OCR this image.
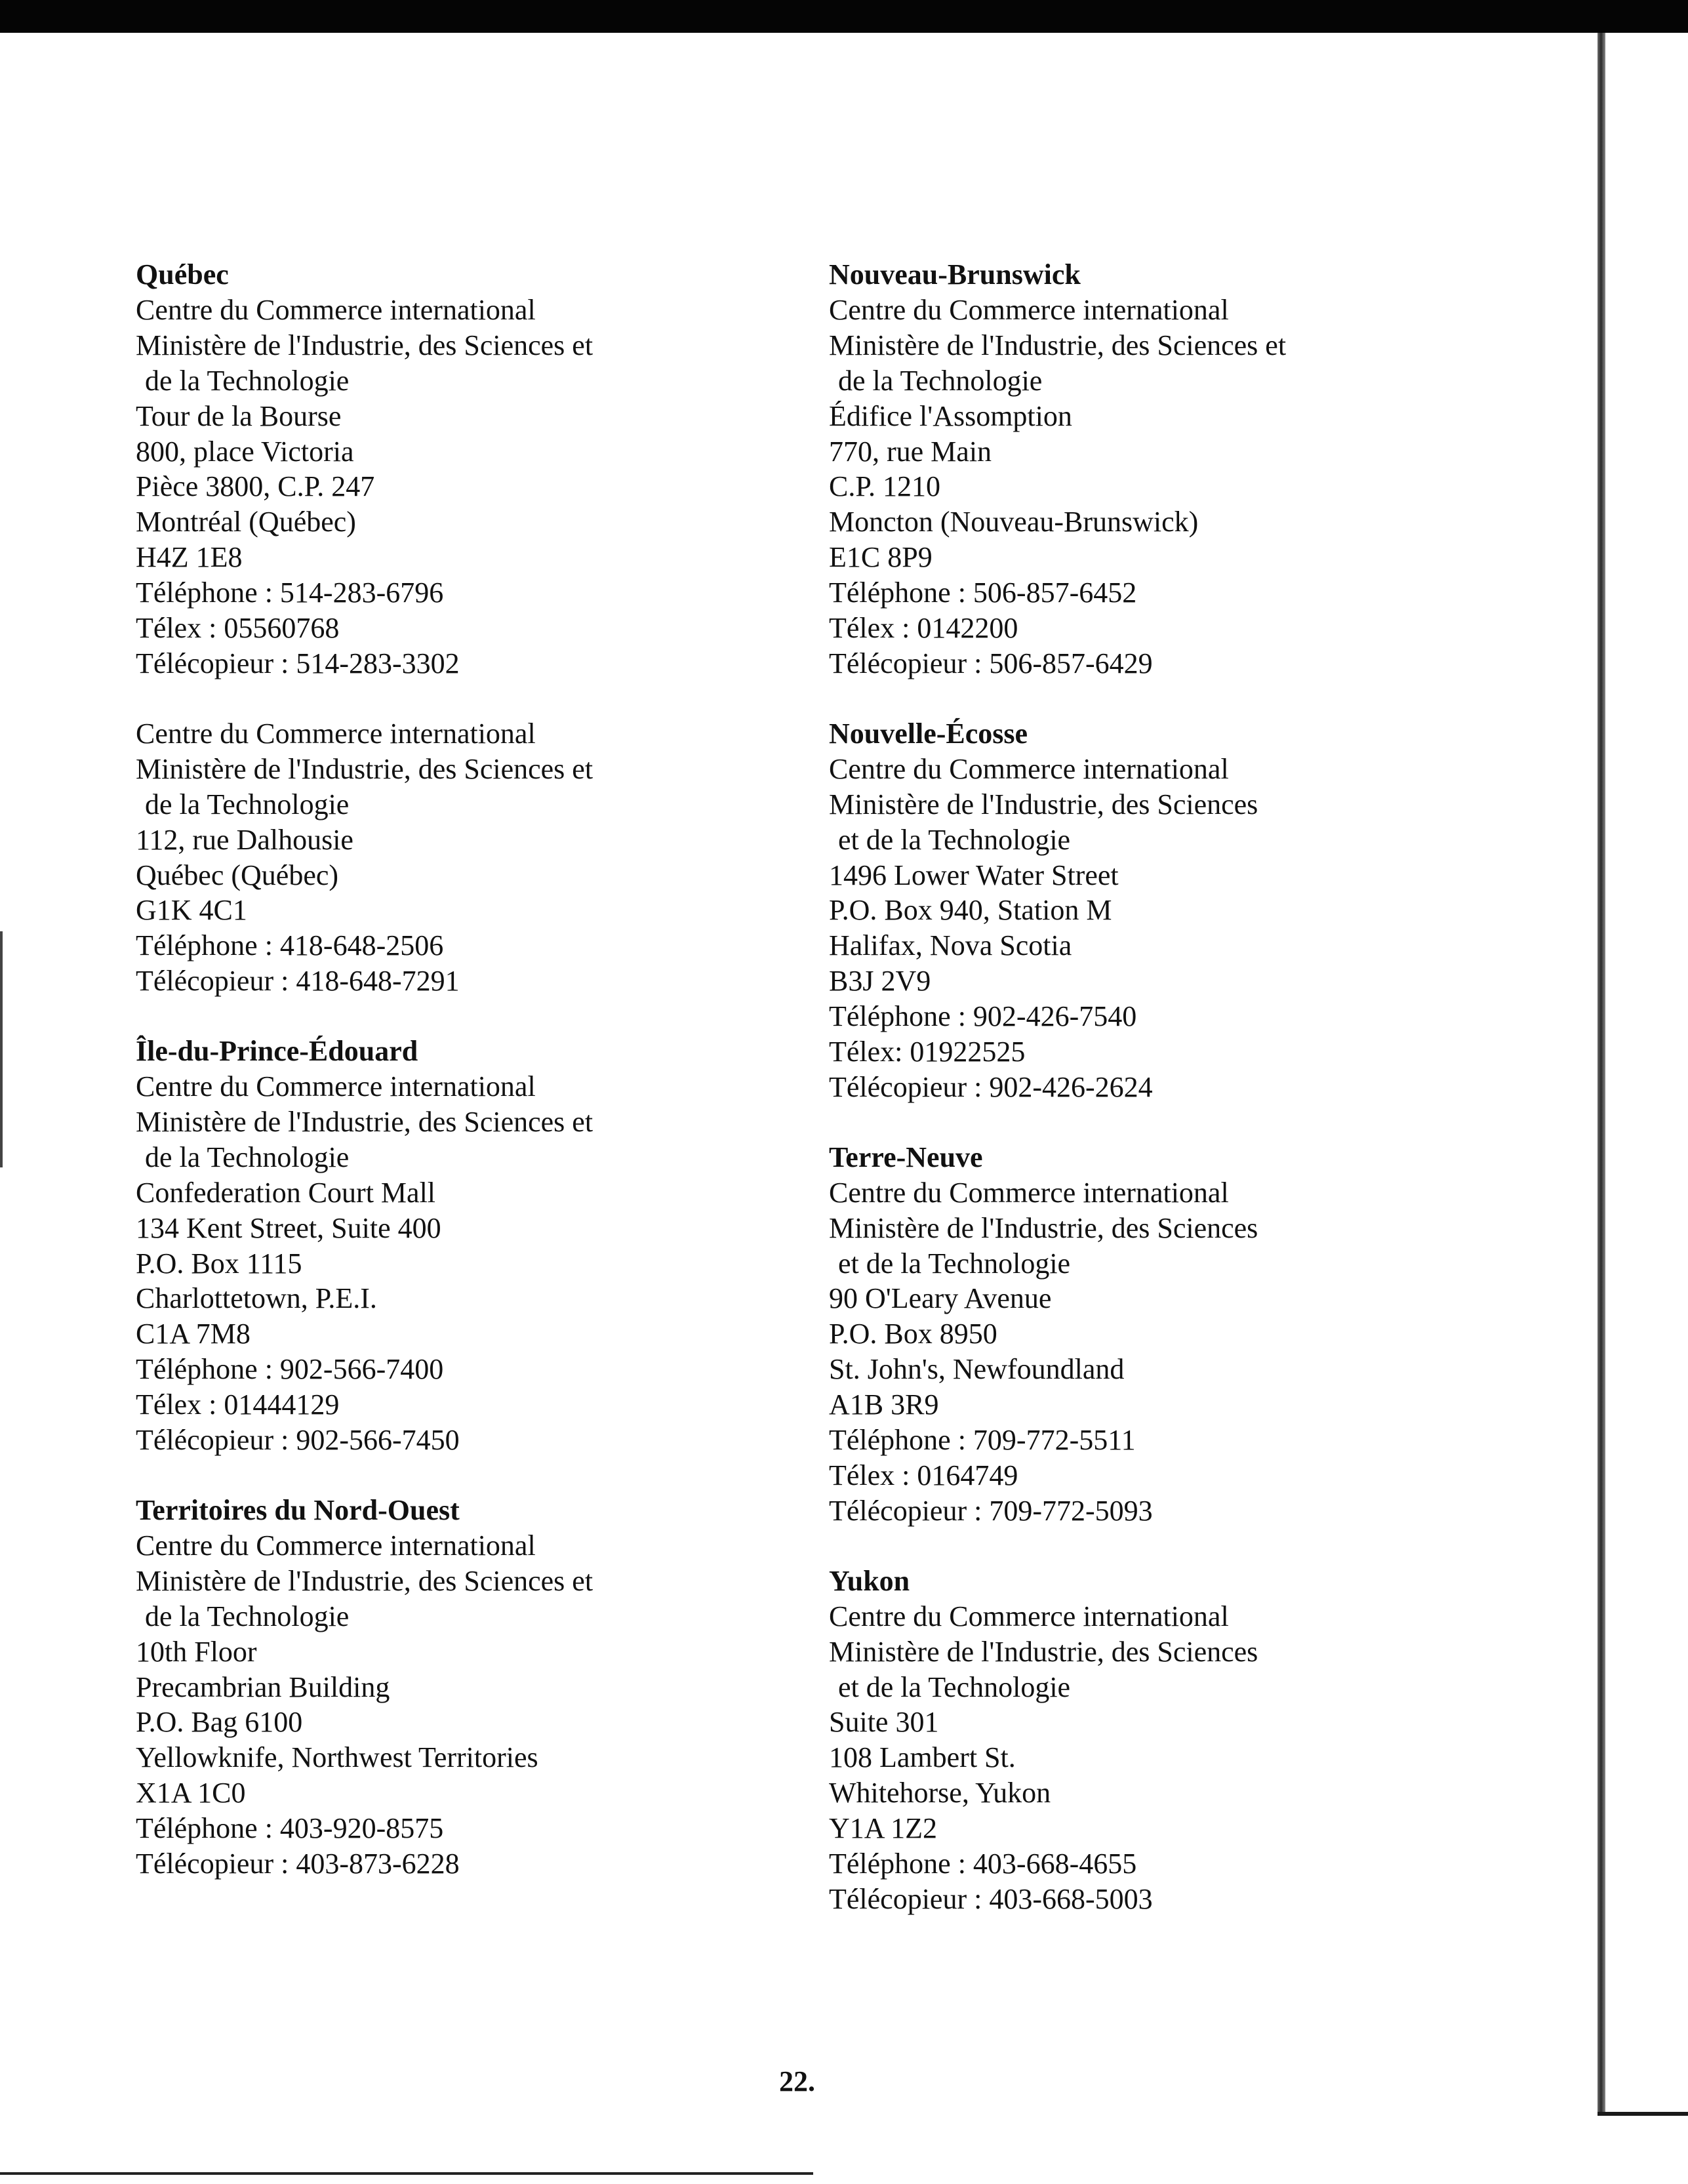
Québec
Centre du Commerce international
Ministère de l'Industrie, des Sciences et
de la Technologie
Tour de la Bourse
800, place Victoria
Pièce 3800, C.P. 247
Montréal (Québec)
H4Z 1E8
Téléphone : 514-283-6796
Télex : 05560768
Télécopieur : 514-283-3302
Centre du Commerce international
Ministère de l'Industrie, des Sciences et
de la Technologie
112, rue Dalhousie
Québec (Québec)
G1K 4C1
Téléphone : 418-648-2506
Télécopieur : 418-648-7291
Île-du-Prince-Édouard
Centre du Commerce international
Ministère de l'Industrie, des Sciences et
de la Technologie
Confederation Court Mall
134 Kent Street, Suite 400
P.O. Box 1115
Charlottetown, P.E.I.
C1A 7M8
Téléphone : 902-566-7400
Télex : 01444129
Télécopieur : 902-566-7450
Territoires du Nord-Ouest
Centre du Commerce international
Ministère de l'Industrie, des Sciences et
de la Technologie
10th Floor
Precambrian Building
P.O. Bag 6100
Yellowknife, Northwest Territories
X1A 1C0
Téléphone : 403-920-8575
Télécopieur : 403-873-6228
Nouveau-Brunswick
Centre du Commerce international
Ministère de l'Industrie, des Sciences et
de la Technologie
Édifice l'Assomption
770, rue Main
C.P. 1210
Moncton (Nouveau-Brunswick)
E1C 8P9
Téléphone : 506-857-6452
Télex : 0142200
Télécopieur : 506-857-6429
Nouvelle-Écosse
Centre du Commerce international
Ministère de l'Industrie, des Sciences
et de la Technologie
1496 Lower Water Street
P.O. Box 940, Station M
Halifax, Nova Scotia
B3J 2V9
Téléphone : 902-426-7540
Télex: 01922525
Télécopieur : 902-426-2624
Terre-Neuve
Centre du Commerce international
Ministère de l'Industrie, des Sciences
et de la Technologie
90 O'Leary Avenue
P.O. Box 8950
St. John's, Newfoundland
A1B 3R9
Téléphone : 709-772-5511
Télex : 0164749
Télécopieur : 709-772-5093
Yukon
Centre du Commerce international
Ministère de l'Industrie, des Sciences
et de la Technologie
Suite 301
108 Lambert St.
Whitehorse, Yukon
Y1A 1Z2
Téléphone : 403-668-4655
Télécopieur : 403-668-5003
22.
